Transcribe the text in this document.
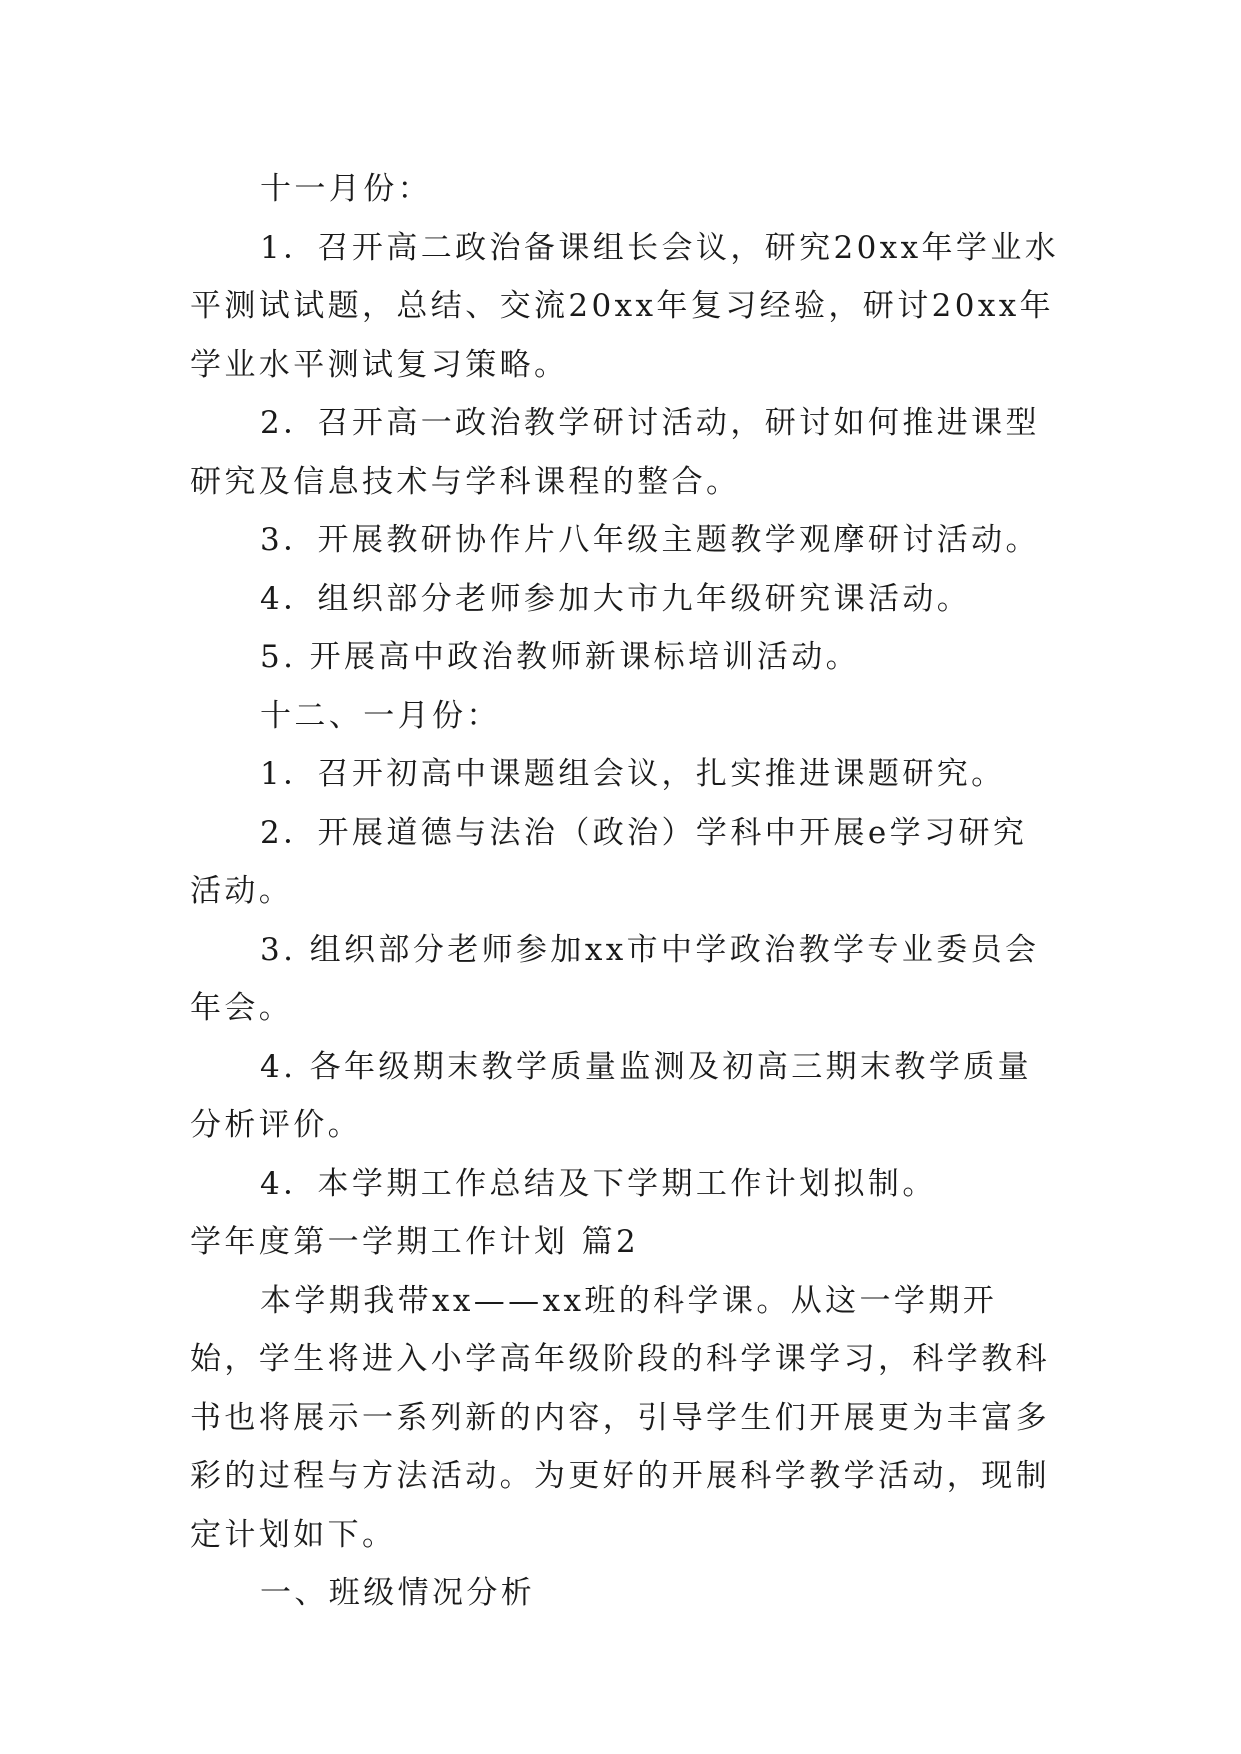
十一月份：

1．召开高二政治备课组长会议，研究20xx年学业水平测试试题，总结、交流20xx年复习经验，研讨20xx年学业水平测试复习策略。

2．召开高一政治教学研讨活动，研讨如何推进课型研究及信息技术与学科课程的整合。

3．开展教研协作片八年级主题教学观摩研讨活动。

4．组织部分老师参加大市九年级研究课活动。

5. 开展高中政治教师新课标培训活动。

十二、一月份：

1．召开初高中课题组会议，扎实推进课题研究。

2．开展道德与法治（政治）学科中开展e学习研究活动。

3. 组织部分老师参加xx市中学政治教学专业委员会年会。

4. 各年级期末教学质量监测及初高三期末教学质量分析评价。

4．本学期工作总结及下学期工作计划拟制。

学年度第一学期工作计划 篇2

本学期我带xx——xx班的科学课。从这一学期开始，学生将进入小学高年级阶段的科学课学习，科学教科书也将展示一系列新的内容，引导学生们开展更为丰富多彩的过程与方法活动。为更好的开展科学教学活动，现制定计划如下。

一、班级情况分析
